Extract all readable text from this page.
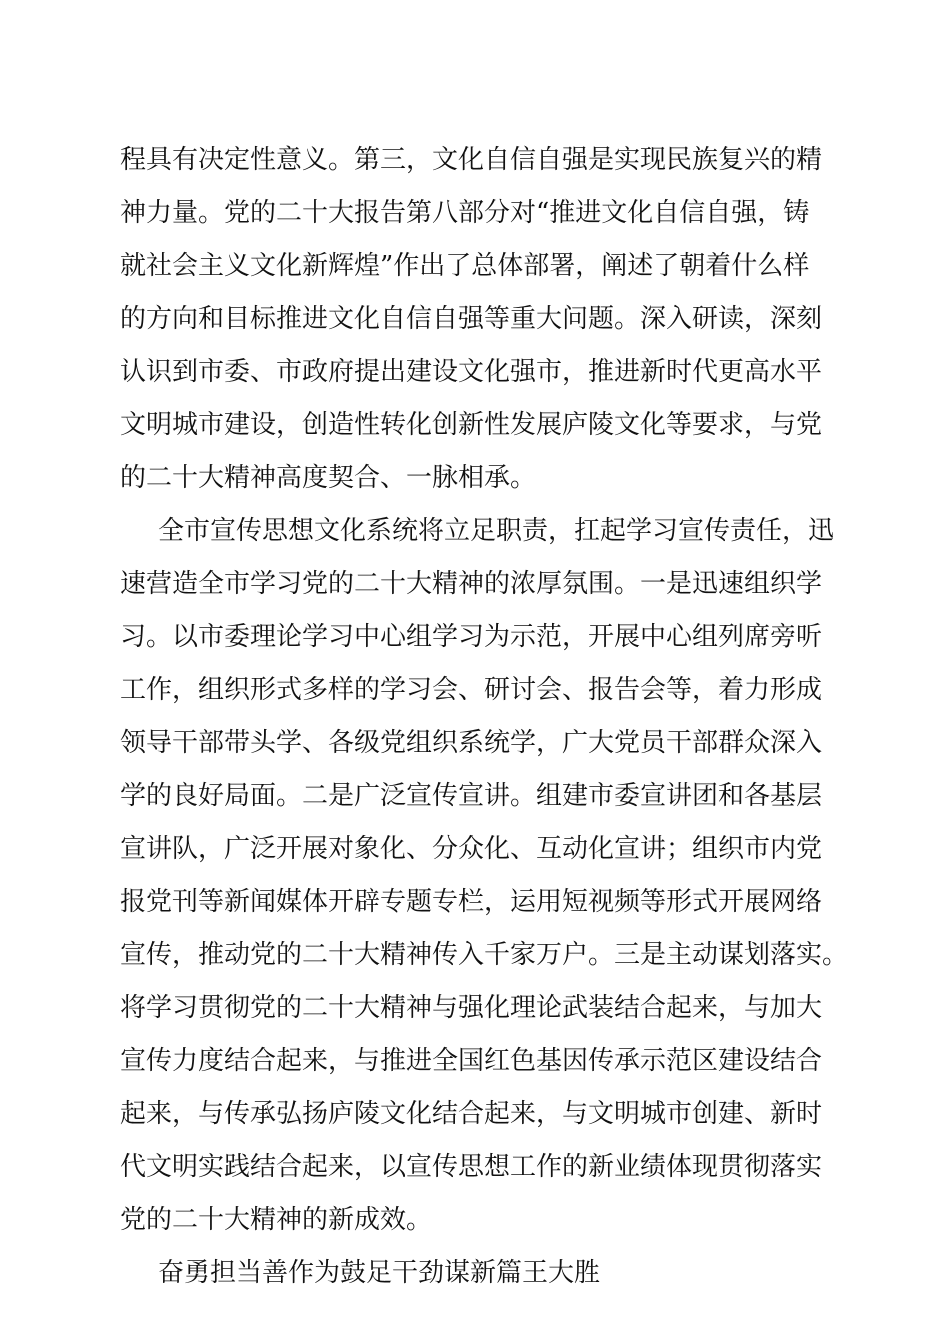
程具有决定性意义。第三，文化自信自强是实现民族复兴的精
神力量。党的二十大报告第八部分对“推进文化自信自强，铸
就社会主义文化新辉煌”作出了总体部署，阐述了朝着什么样
的方向和目标推进文化自信自强等重大问题。深入研读，深刻
认识到市委、市政府提出建设文化强市，推进新时代更高水平
文明城市建设，创造性转化创新性发展庐陵文化等要求，与党
的二十大精神高度契合、一脉相承。
全市宣传思想文化系统将立足职责，扛起学习宣传责任，迅
速营造全市学习党的二十大精神的浓厚氛围。一是迅速组织学
习。以市委理论学习中心组学习为示范，开展中心组列席旁听
工作，组织形式多样的学习会、研讨会、报告会等，着力形成
领导干部带头学、各级党组织系统学，广大党员干部群众深入
学的良好局面。二是广泛宣传宣讲。组建市委宣讲团和各基层
宣讲队，广泛开展对象化、分众化、互动化宣讲；组织市内党
报党刊等新闻媒体开辟专题专栏，运用短视频等形式开展网络
宣传，推动党的二十大精神传入千家万户。三是主动谋划落实。
将学习贯彻党的二十大精神与强化理论武装结合起来，与加大
宣传力度结合起来，与推进全国红色基因传承示范区建设结合
起来，与传承弘扬庐陵文化结合起来，与文明城市创建、新时
代文明实践结合起来，以宣传思想工作的新业绩体现贯彻落实
党的二十大精神的新成效。
奋勇担当善作为鼓足干劲谋新篇王大胜
